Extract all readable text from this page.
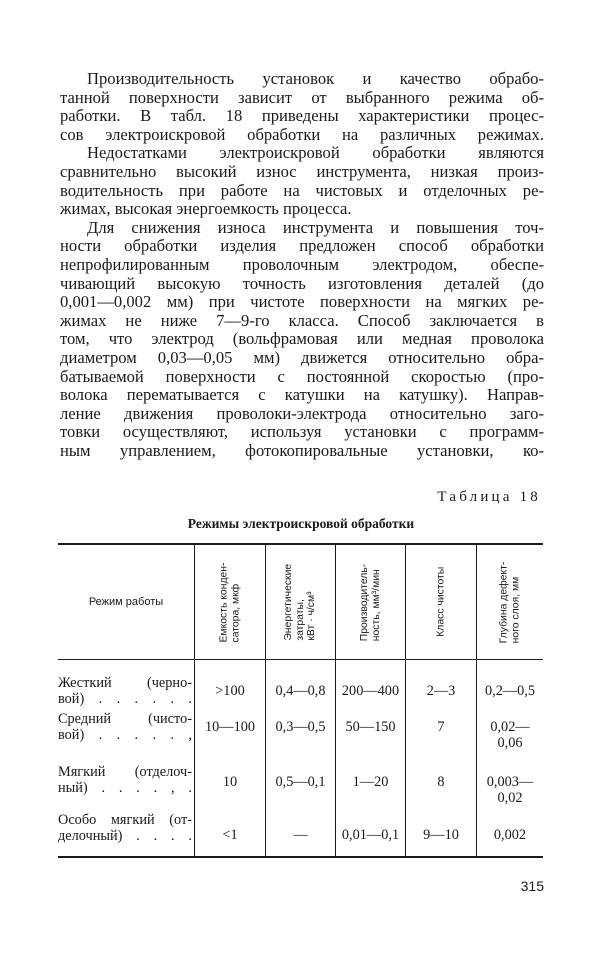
Производительность установок и качество обрабо-
танной поверхности зависит от выбранного режима об-
работки. В табл. 18 приведены характеристики процес-
сов электроискровой обработки на различных режимах.
Недостатками электроискровой обработки являются
сравнительно высокий износ инструмента, низкая произ-
водительность при работе на чистовых и отделочных ре-
жимах, высокая энергоемкость процесса.
Для снижения износа инструмента и повышения точ-
ности обработки изделия предложен способ обработки
непрофилированным проволочным электродом, обеспе-
чивающий высокую точность изготовления деталей (до
0,001—0,002 мм) при чистоте поверхности на мягких ре-
жимах не ниже 7—9-го класса. Способ заключается в
том, что электрод (вольфрамовая или медная проволока
диаметром 0,03—0,05 мм) движется относительно обра-
батываемой поверхности с постоянной скоростью (про-
волока перематывается с катушки на катушку). Направ-
ление движения проволоки-электрода относительно заго-
товки осуществляют, используя установки с программ-
ным управлением, фотокопировальные установки, ко-
Таблица 18
Режимы электроискровой обработки
Режим работы	Емкость конден- сатора, мкф	Энергетические затраты, кВт · ч/см³	Производитель- ность, мм³/мин	Класс чистоты	Глубина дефект- ного слоя, мм
Жесткий (черно-
вой) . . . . . .	>100	0,4—0,8	200—400	2—3	0,2—0,5
Средний (чисто-
вой) . . . . . , 10—100	0,3—0,5	50—150	7	0,02—
0,06
Мягкий (отделоч-
ный) . . . . , .	10	0,5—0,1	1—20	8	0,003—
0,02
Особо мягкий (от-
делочный) . . . .	<1	—	0,01—0,1	9—10	0,002
315
